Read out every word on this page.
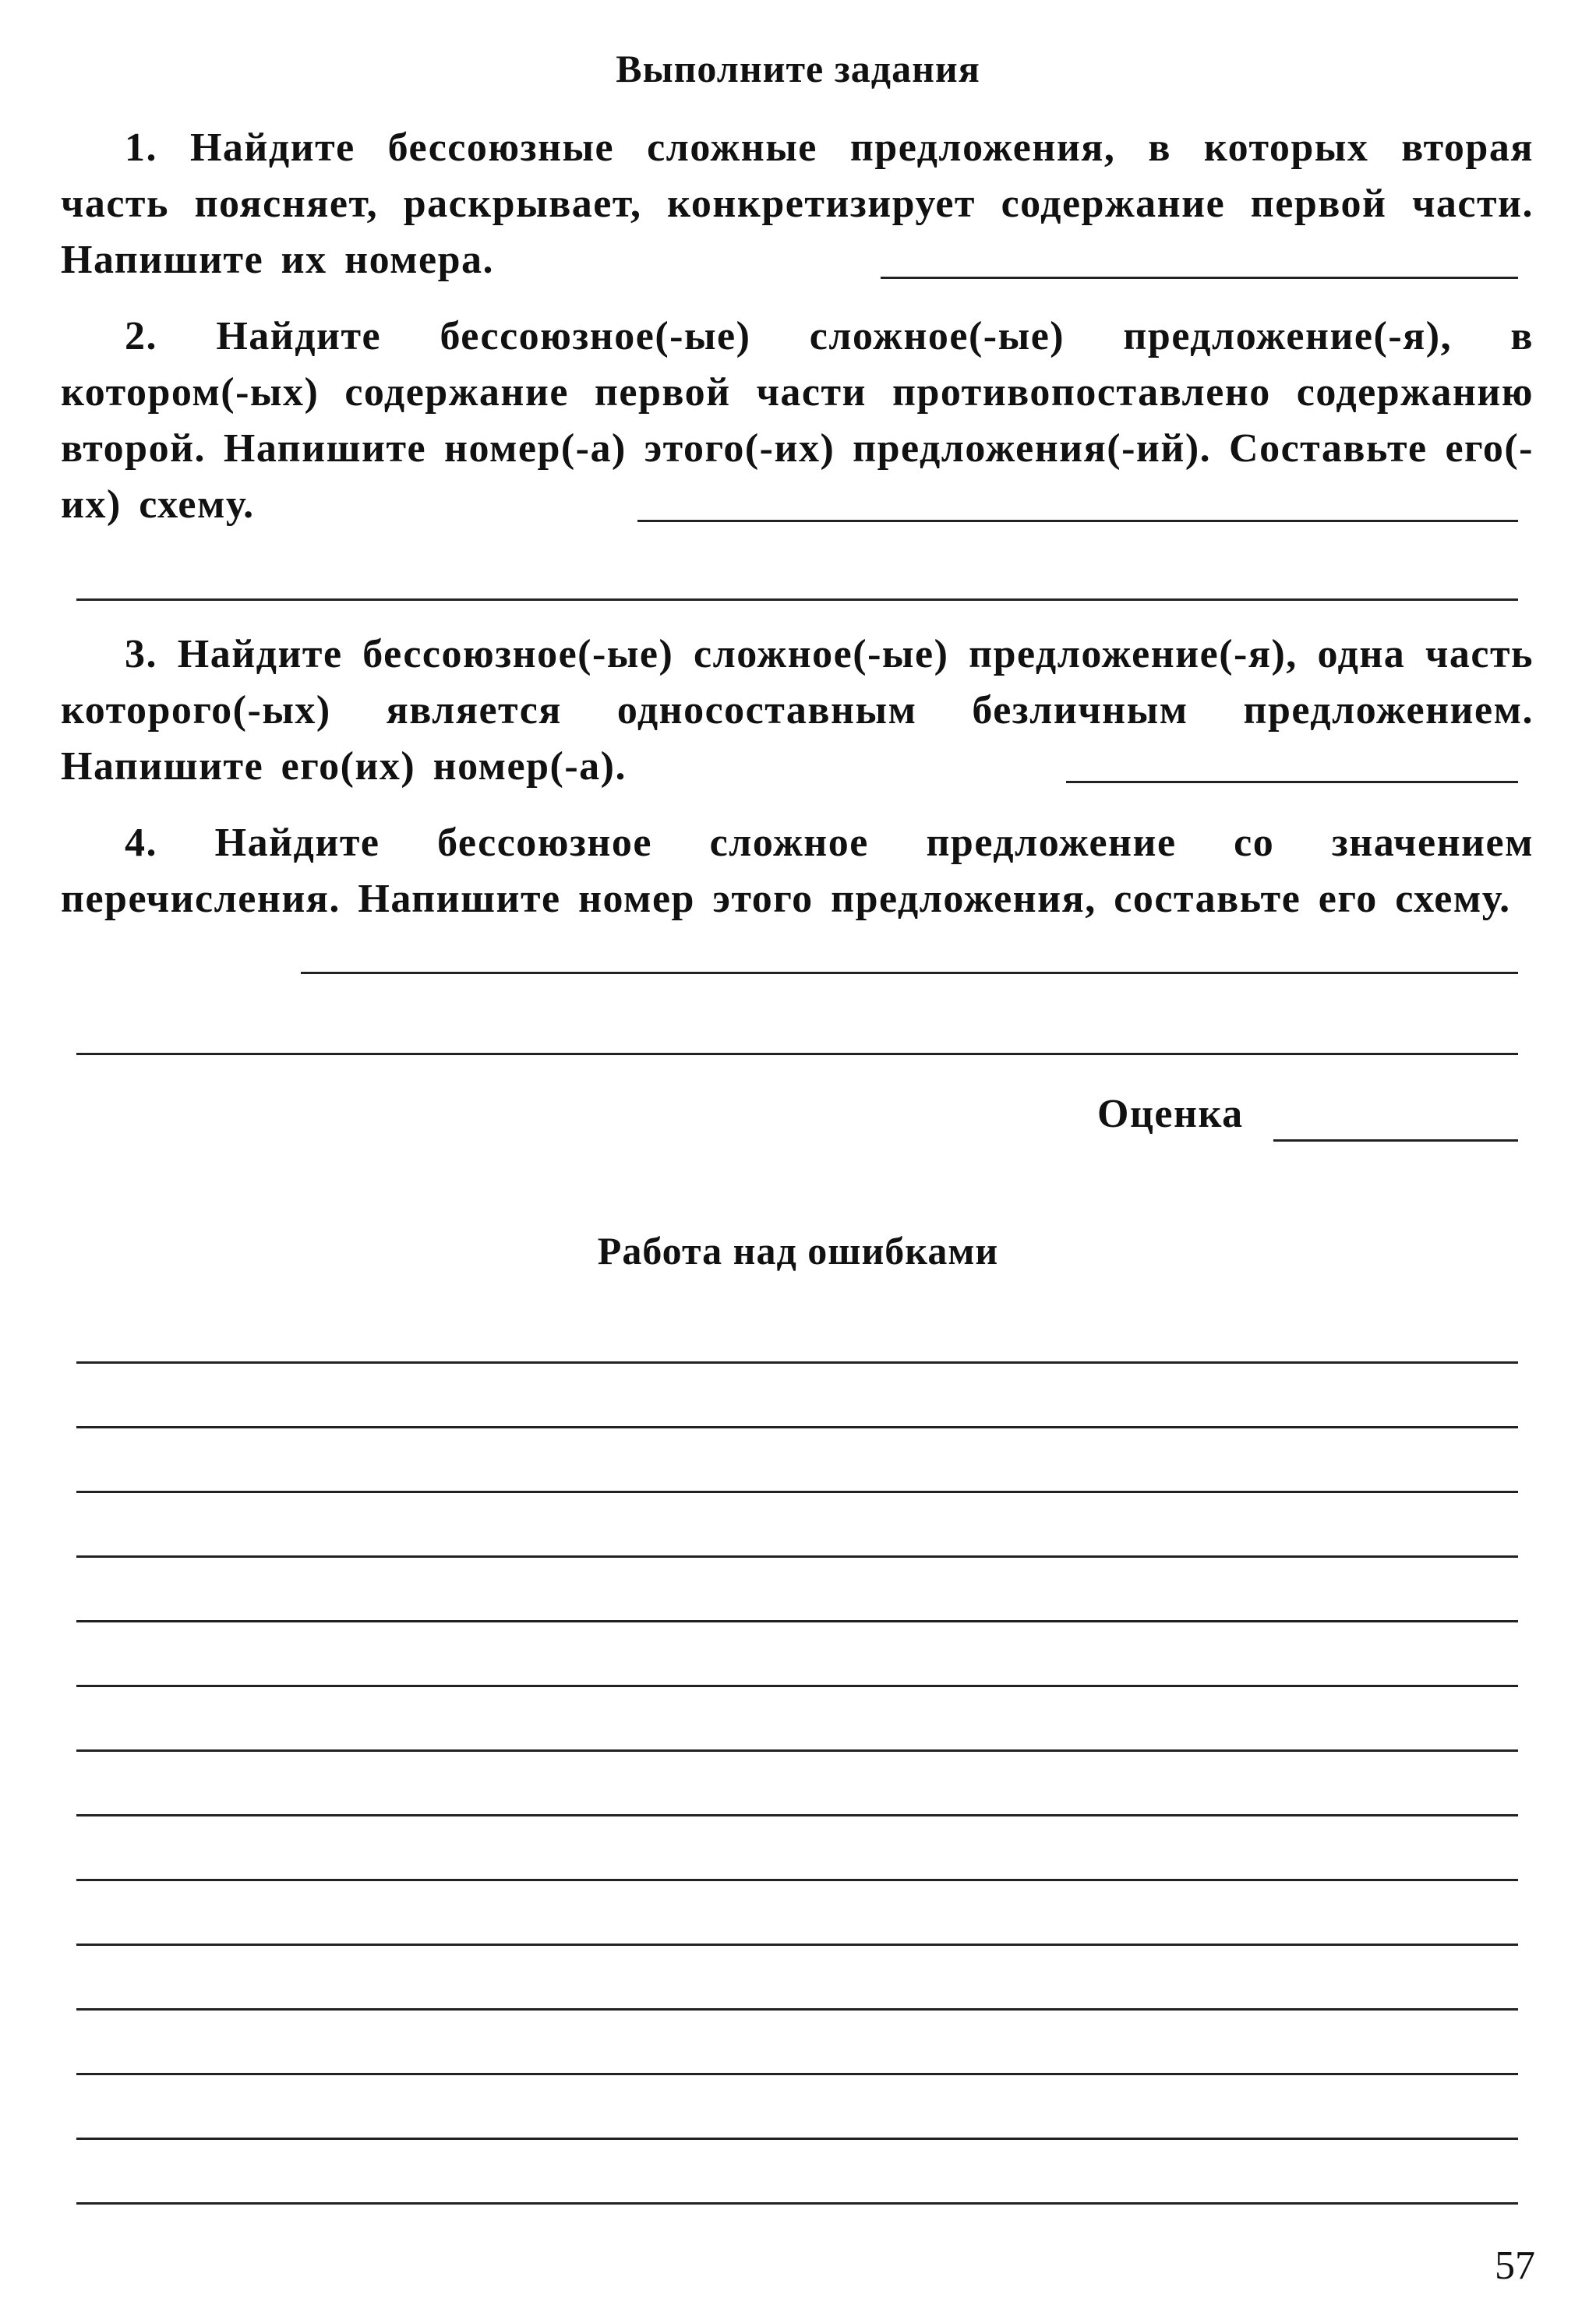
Выполните задания
1. Найдите бессоюзные сложные предложения, в которых вторая часть поясняет, раскрывает, конкретизирует содержание первой части. Напишите их номера.
2. Найдите бессоюзное(-ые) сложное(-ые) предложение(-я), в котором(-ых) содержание первой части противопоставлено содержанию второй. Напишите номер(-а) этого(-их) предложения(-ий). Составьте его(-их) схему.
3. Найдите бессоюзное(-ые) сложное(-ые) предложение(-я), одна часть которого(-ых) является односоставным безличным предложением. Напишите его(их) номер(-а).
4. Найдите бессоюзное сложное предложение со значением перечисления. Напишите номер этого предложения, составьте его схему.
Оценка
Работа над ошибками
57
